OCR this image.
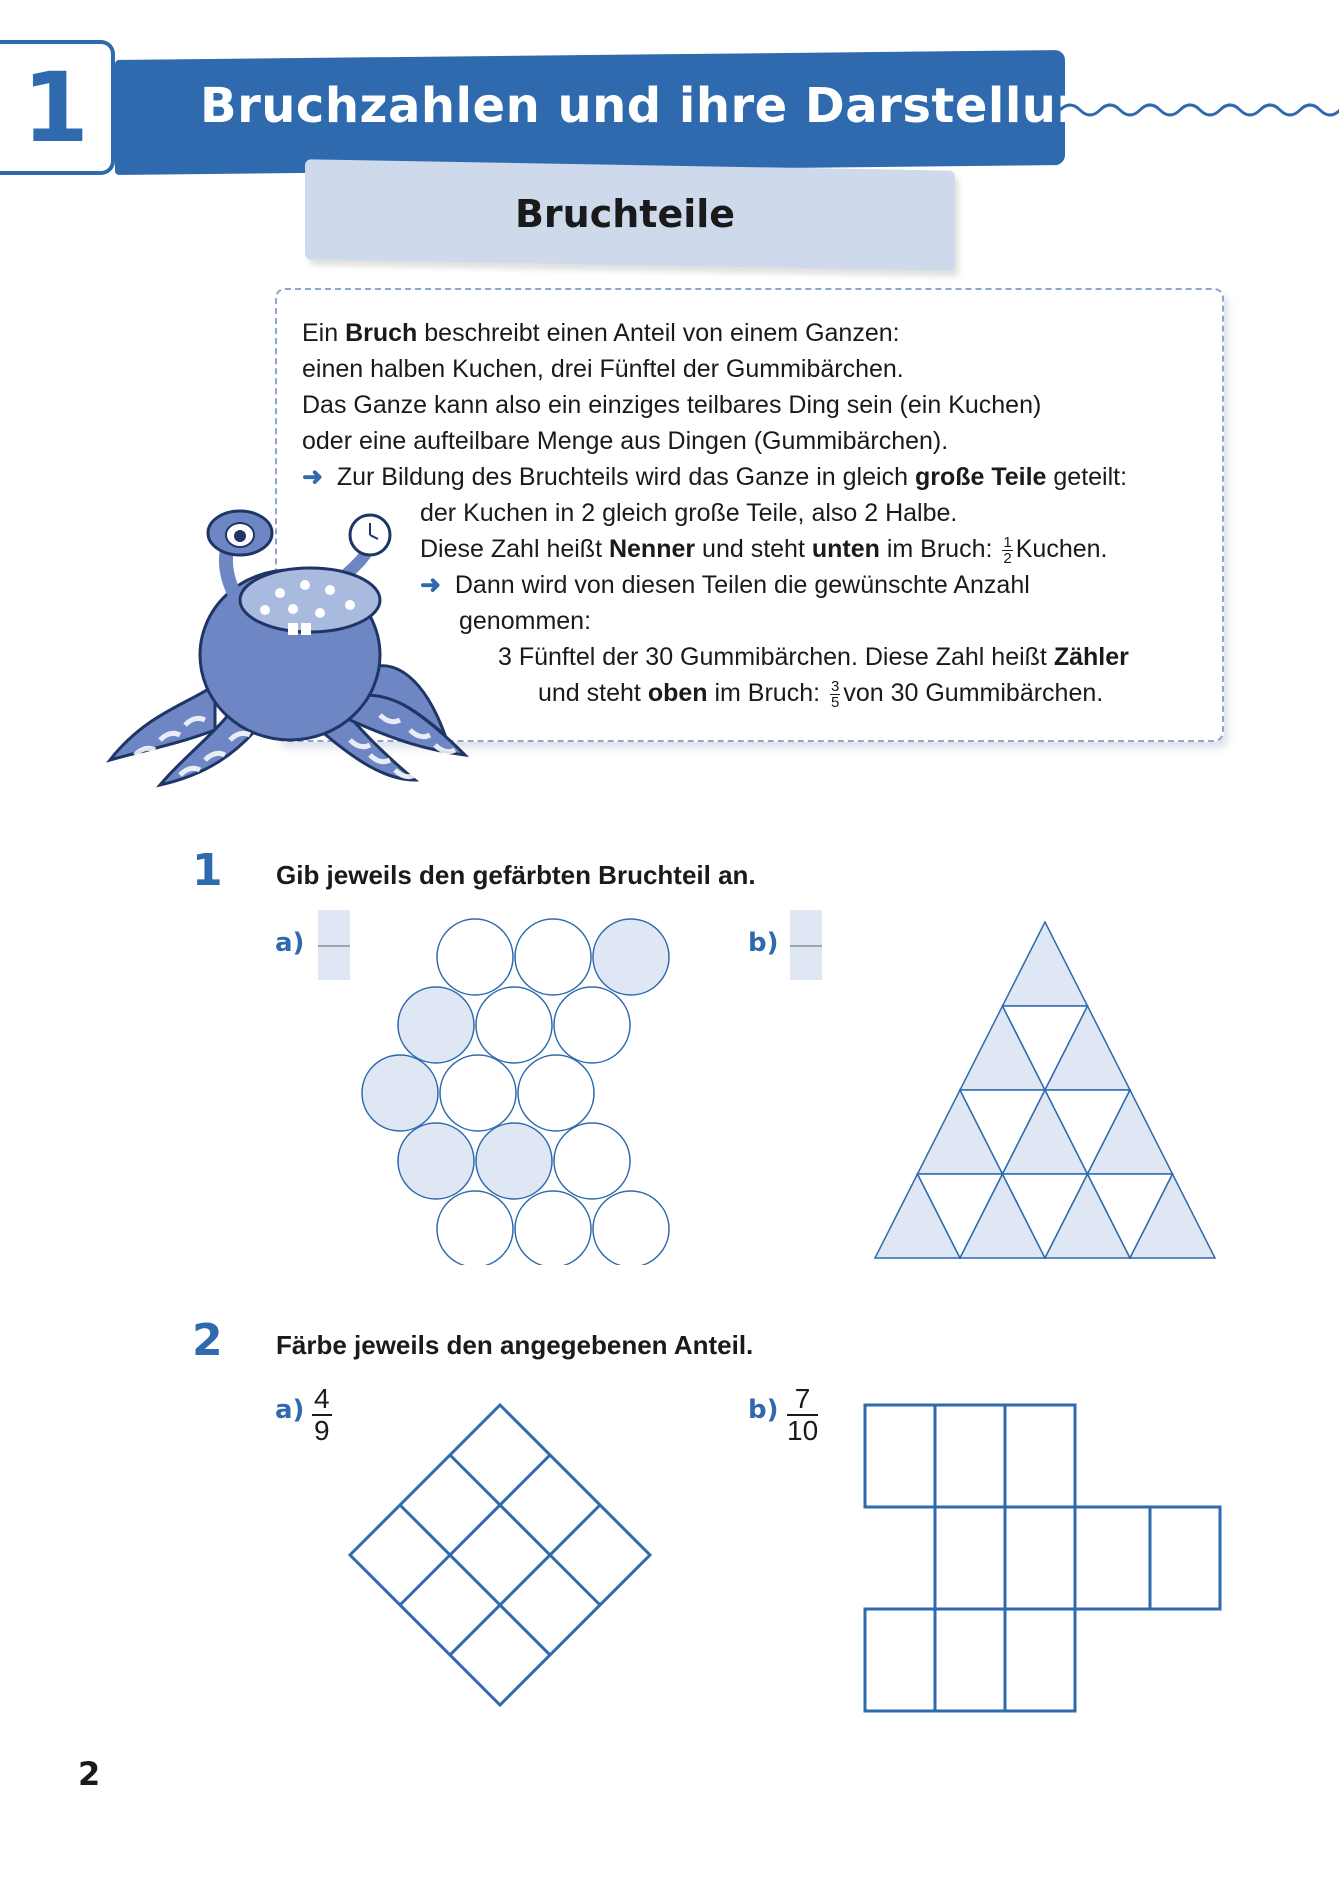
1	Bruchzahlen und ihre Darstellung
Bruchteile
Ein Bruch beschreibt einen Anteil von einem Ganzen:
einen halben Kuchen, drei Fünftel der Gummibärchen.
Das Ganze kann also ein einziges teilbares Ding sein (ein Kuchen)
oder eine aufteilbare Menge aus Dingen (Gummibärchen).
➜ Zur Bildung des Bruchteils wird das Ganze in gleich große Teile geteilt:
der Kuchen in 2 gleich große Teile, also 2 Halbe.
Diese Zahl heißt Nenner und steht unten im Bruch: $\frac{1}{2}$ Kuchen.
➜ Dann wird von diesen Teilen die gewünschte Anzahl
genommen:
3 Fünftel der 30 Gummibärchen. Diese Zahl heißt Zähler
und steht oben im Bruch: $\frac{3}{5}$ von 30 Gummibärchen.
1 Gib jeweils den gefärbten Bruchteil an.
a)	b)
2 Färbe jeweils den angegebenen Anteil.
$a) \frac{4}{9}$	$b) \frac{7}{10}$
2
